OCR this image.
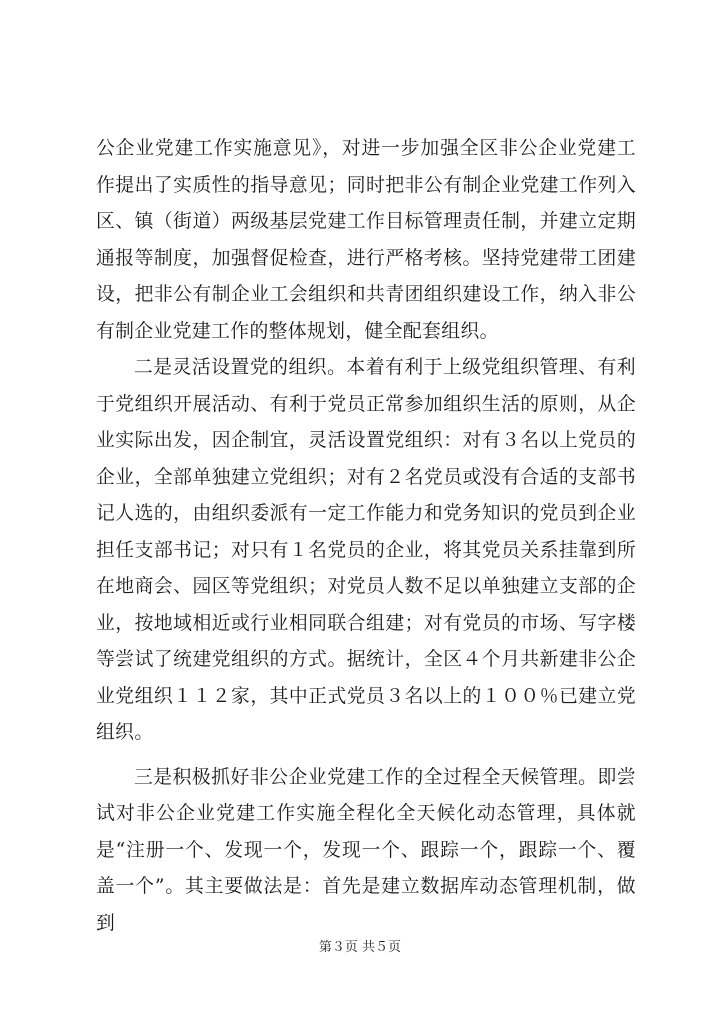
公企业党建工作实施意见》，对进一步加强全区非公企业党建工作提出了实质性的指导意见；同时把非公有制企业党建工作列入区、镇（街道）两级基层党建工作目标管理责任制，并建立定期通报等制度，加强督促检查，进行严格考核。坚持党建带工团建设，把非公有制企业工会组织和共青团组织建设工作，纳入非公有制企业党建工作的整体规划，健全配套组织。

二是灵活设置党的组织。本着有利于上级党组织管理、有利于党组织开展活动、有利于党员正常参加组织生活的原则，从企业实际出发，因企制宜，灵活设置党组织：对有３名以上党员的企业，全部单独建立党组织；对有２名党员或没有合适的支部书记人选的，由组织委派有一定工作能力和党务知识的党员到企业担任支部书记；对只有１名党员的企业，将其党员关系挂靠到所在地商会、园区等党组织；对党员人数不足以单独建立支部的企业，按地域相近或行业相同联合组建；对有党员的市场、写字楼等尝试了统建党组织的方式。据统计，全区４个月共新建非公企业党组织１１２家，其中正式党员３名以上的１００％已建立党组织。

三是积极抓好非公企业党建工作的全过程全天候管理。即尝试对非公企业党建工作实施全程化全天候化动态管理，具体就是“注册一个、发现一个，发现一个、跟踪一个，跟踪一个、覆盖一个”。其主要做法是：首先是建立数据库动态管理机制，做到

第３页 共５页
